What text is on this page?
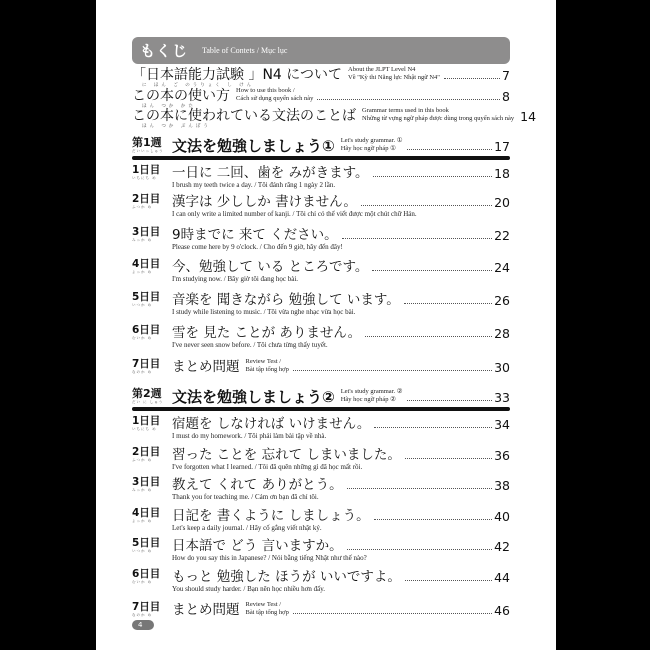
もくじ Table of Contets / Mục lục
「日本語能力試験 」N4 について About the JLPT Level N4
Về "Kỳ thi Năng lực Nhật ngữ N4"	7
に ほん ご のうりょく し けん
この本の使い方 How to use this book /
Cách sử dụng quyển sách này	8
ほん つか かた
この本に使われている文法のことば Grammar terms used in this book
Những từ vựng ngữ pháp được dùng trong quyển sách này 14
ほん つか ぶんぽう
第1週
だいいっしゅう 文法を勉強しましょう① Let's study grammar. ①
Hãy học ngữ pháp ①	17
1日目
いちにち め	一日に 二回、歯を みがきます。	18
I brush my teeth twice a day. / Tôi đánh răng 1 ngày 2 lần.
2日目
ふつか め	漢字は 少ししか 書けません。	20
I can only write a limited number of kanji. / Tôi chỉ có thể viết được một chút chữ Hán.
3日目
みっか め	9時までに 来て ください。	22
Please come here by 9 o'clock. / Cho đến 9 giờ, hãy đến đây!
4日目
よっか め	今、勉強して いる ところです。	24
I'm studying now. / Bây giờ tôi đang học bài.
5日目
いつか め	音楽を 聞きながら 勉強して います。	26
I study while listening to music. / Tôi vừa nghe nhạc vừa học bài.
6日目
むいか め	雪を 見た ことが ありません。	28
I've never seen snow before. / Tôi chưa từng thấy tuyết.
7日目
なのか め	まとめ問題 Review Test /
Bài tập tổng hợp	30
第2週
だい に しゅう 文法を勉強しましょう② Let's study grammar. ②
Hãy học ngữ pháp ②	33
1日目
いちにち め	宿題を しなければ いけません。	34
I must do my homework. / Tôi phải làm bài tập về nhà.
2日目
ふつか め	習った ことを 忘れて しまいました。	36
I've forgotten what I learned. / Tôi đã quên những gì đã học mất rồi.
3日目
みっか め	教えて くれて ありがとう。	38
Thank you for teaching me. / Cảm ơn bạn đã chỉ tôi.
4日目
よっか め	日記を 書くように しましょう。	40
Let's keep a daily journal. / Hãy cố gắng viết nhật ký.
5日目
いつか め	日本語で どう 言いますか。	42
How do you say this in Japanese? / Nói bằng tiếng Nhật như thế nào?
6日目
むいか め	もっと 勉強した ほうが いいですよ。	44
You should study harder. / Bạn nên học nhiều hơn đấy.
7日目
なのか め	まとめ問題 Review Test /
Bài tập tổng hợp	46
4
